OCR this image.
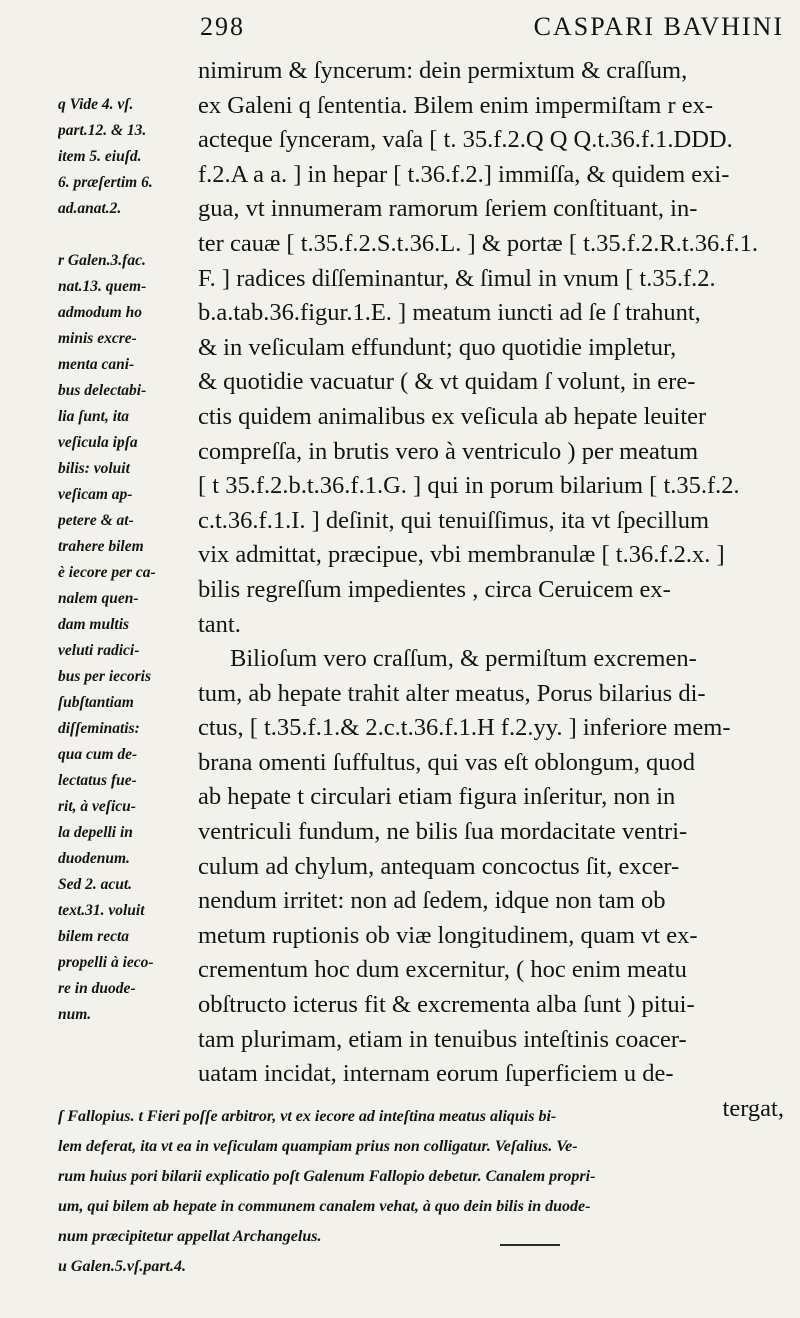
298	CASPARI BAVHINI
q Vide 4. vſ.
part.12. & 13.
item 5. eiuſd.
6. præſertim 6.
ad.anat.2.
r Galen.3.fac.
nat.13. quem-
admodum ho
minis excre-
menta cani-
bus delectabi-
lia ſunt, ita
veſicula ipſa
bilis: voluit
veſicam ap-
petere & at-
trahere bilem
è iecore per ca-
nalem quen-
dam multis
veluti radici-
bus per iecoris
ſubſtantiam
diſſeminatis:
qua cum de-
lectatus fue-
rit, à veſicu-
la depelli in
duodenum.
Sed 2. acut.
text.31. voluit
bilem recta
propelli à ieco-
re in duode-
num.
nimirum & ſyncerum: dein permixtum & craſſum,
ex Galeni q ſententia. Bilem enim impermiſtam r ex-
acteque ſynceram, vaſa [ t. 35.f.2.Q Q Q.t.36.f.1.DDD.
f.2.A a a. ] in hepar [ t.36.f.2.] immiſſa, & quidem exi-
gua, vt innumeram ramorum ſeriem conſtituant, in-
ter cauæ [ t.35.f.2.S.t.36.L. ] & portæ [ t.35.f.2.R.t.36.f.1.
F. ] radices diſſeminantur, & ſimul in vnum [ t.35.f.2.
b.a.tab.36.figur.1.E. ] meatum iuncti ad ſe ſ trahunt,
& in veſiculam effundunt; quo quotidie impletur,
& quotidie vacuatur ( & vt quidam ſ volunt, in ere-
ctis quidem animalibus ex veſicula ab hepate leuiter
compreſſa, in brutis vero à ventriculo ) per meatum
[ t 35.f.2.b.t.36.f.1.G. ] qui in porum bilarium [ t.35.f.2.
c.t.36.f.1.I. ] deſinit, qui tenuiſſimus, ita vt ſpecillum
vix admittat, præcipue, vbi membranulæ [ t.36.f.2.x. ]
bilis regreſſum impedientes , circa Ceruicem ex-
tant.
Bilioſum vero craſſum, & permiſtum excremen-
tum, ab hepate trahit alter meatus, Porus bilarius di-
ctus, [ t.35.f.1.& 2.c.t.36.f.1.H f.2.yy. ] inferiore mem-
brana omenti ſuffultus, qui vas eſt oblongum, quod
ab hepate t circulari etiam figura inſeritur, non in
ventriculi fundum, ne bilis ſua mordacitate ventri-
culum ad chylum, antequam concoctus ſit, excer-
nendum irritet: non ad ſedem, idque non tam ob
metum ruptionis ob viæ longitudinem, quam vt ex-
crementum hoc dum excernitur, ( hoc enim meatu
obſtructo icterus fit & excrementa alba ſunt ) pitui-
tam plurimam, etiam in tenuibus inteſtinis coacer-
uatam incidat, internam eorum ſuperficiem u de-
tergat,
ſ Fallopius. t Fieri poſſe arbitror, vt ex iecore ad inteſtina meatus aliquis bi-
lem deferat, ita vt ea in veſiculam quampiam prius non colligatur. Veſalius. Ve-
rum huius pori bilarii explicatio poſt Galenum Fallopio debetur. Canalem propri-
um, qui bilem ab hepate in communem canalem vehat, à quo dein bilis in duode-
num præcipitetur appellat Archangelus.
u Galen.5.vſ.part.4.
